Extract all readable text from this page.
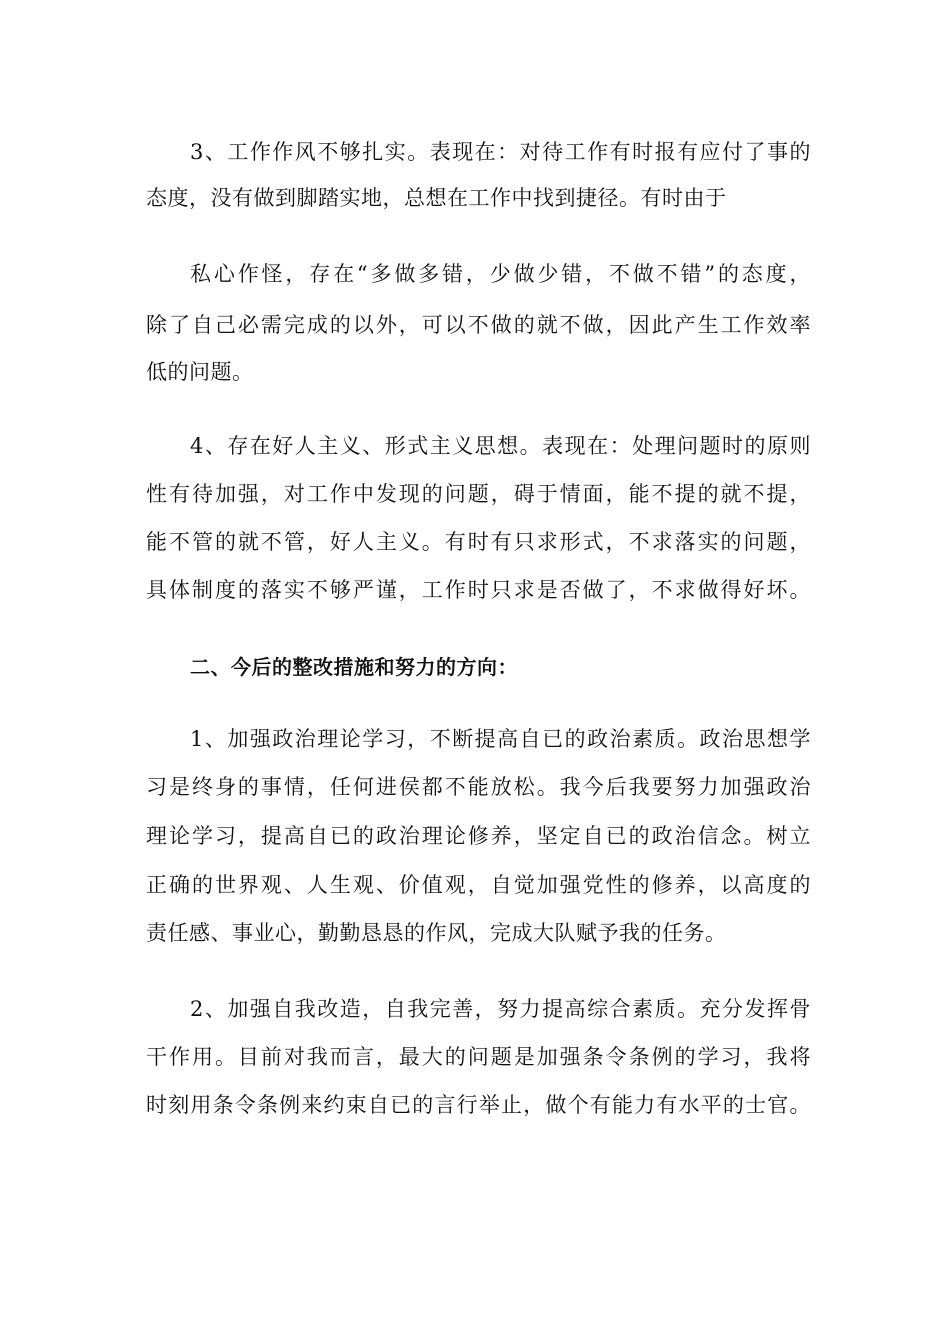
3、工作作风不够扎实。表现在：对待工作有时报有应付了事的
态度，没有做到脚踏实地，总想在工作中找到捷径。有时由于
私心作怪，存在“多做多错，少做少错，不做不错”的态度，
除了自己必需完成的以外，可以不做的就不做，因此产生工作效率
低的问题。
4、存在好人主义、形式主义思想。表现在：处理问题时的原则
性有待加强，对工作中发现的问题，碍于情面，能不提的就不提，
能不管的就不管，好人主义。有时有只求形式，不求落实的问题，
具体制度的落实不够严谨，工作时只求是否做了，不求做得好坏。
二、今后的整改措施和努力的方向：
1、加强政治理论学习，不断提高自已的政治素质。政治思想学
习是终身的事情，任何进侯都不能放松。我今后我要努力加强政治
理论学习，提高自已的政治理论修养，坚定自已的政治信念。树立
正确的世界观、人生观、价值观，自觉加强党性的修养，以高度的
责任感、事业心，勤勤恳恳的作风，完成大队赋予我的任务。
2、加强自我改造，自我完善，努力提高综合素质。充分发挥骨
干作用。目前对我而言，最大的问题是加强条令条例的学习，我将
时刻用条令条例来约束自已的言行举止，做个有能力有水平的士官。
